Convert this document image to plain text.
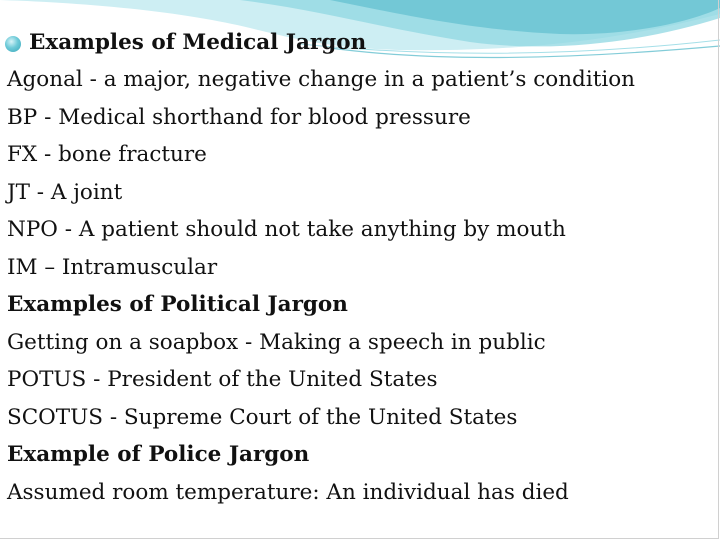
Examples of Medical Jargon
Agonal - a major, negative change in a patient’s condition
BP - Medical shorthand for blood pressure
FX - bone fracture
JT - A joint
NPO - A patient should not take anything by mouth
IM – Intramuscular
Examples of Political Jargon
Getting on a soapbox - Making a speech in public
POTUS - President of the United States
SCOTUS - Supreme Court of the United States
Example of Police Jargon
Assumed room temperature: An individual has died
